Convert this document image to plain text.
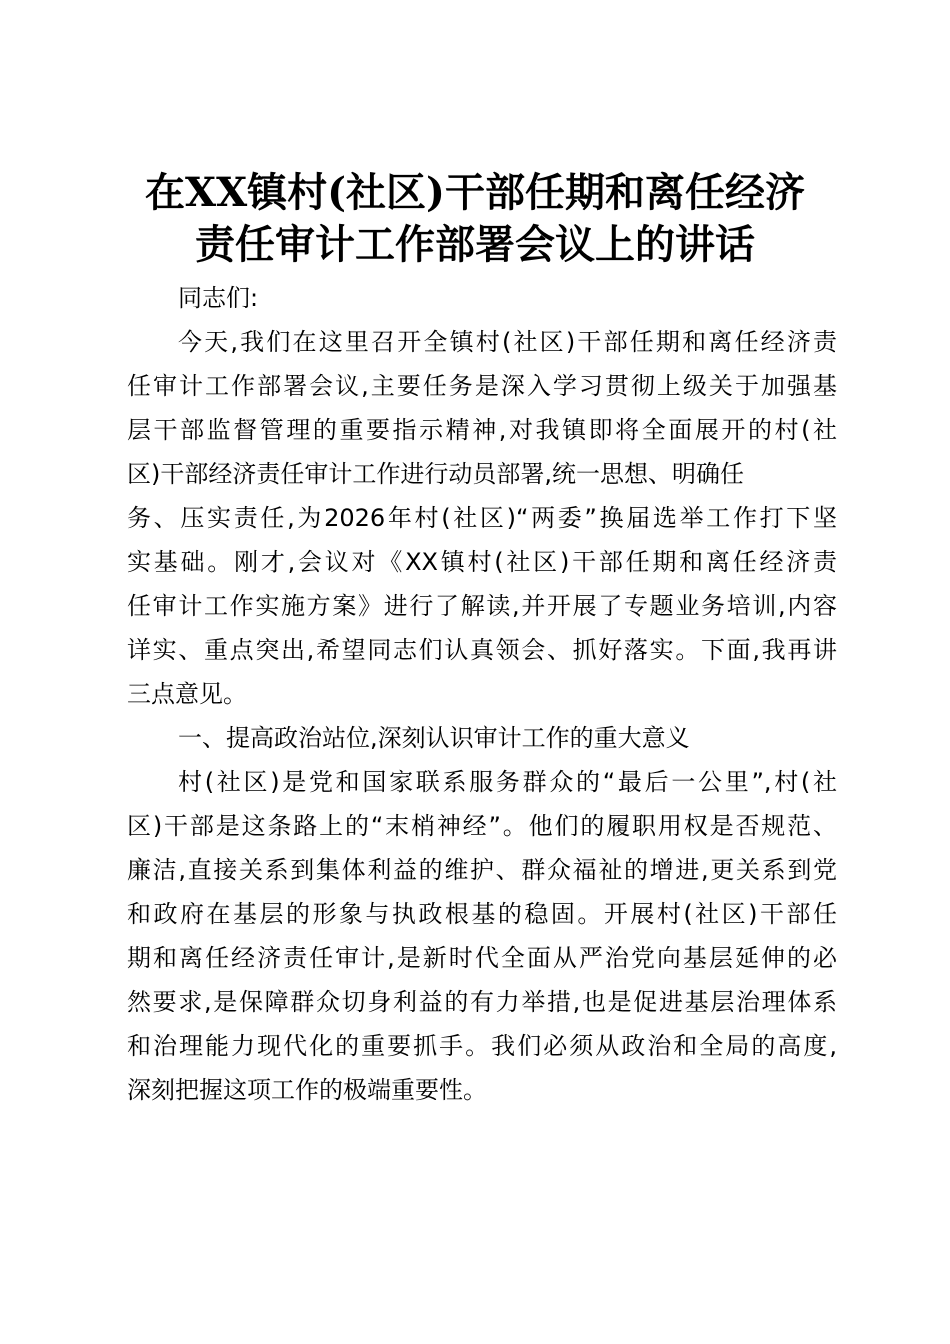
在XX镇村(社区)干部任期和离任经济
责任审计工作部署会议上的讲话

同志们:

今天,我们在这里召开全镇村(社区)干部任期和离任经济责

任审计工作部署会议,主要任务是深入学习贯彻上级关于加强基

层干部监督管理的重要指示精神,对我镇即将全面展开的村(社

区)干部经济责任审计工作进行动员部署,统一思想、明确任

务、压实责任,为2026年村(社区)“两委”换届选举工作打下坚

实基础。刚才,会议对《XX镇村(社区)干部任期和离任经济责

任审计工作实施方案》进行了解读,并开展了专题业务培训,内容

详实、重点突出,希望同志们认真领会、抓好落实。下面,我再讲

三点意见。

一、提高政治站位,深刻认识审计工作的重大意义

村(社区)是党和国家联系服务群众的“最后一公里”,村(社

区)干部是这条路上的“末梢神经”。他们的履职用权是否规范、

廉洁,直接关系到集体利益的维护、群众福祉的增进,更关系到党

和政府在基层的形象与执政根基的稳固。开展村(社区)干部任

期和离任经济责任审计,是新时代全面从严治党向基层延伸的必

然要求,是保障群众切身利益的有力举措,也是促进基层治理体系

和治理能力现代化的重要抓手。我们必须从政治和全局的高度,

深刻把握这项工作的极端重要性。
